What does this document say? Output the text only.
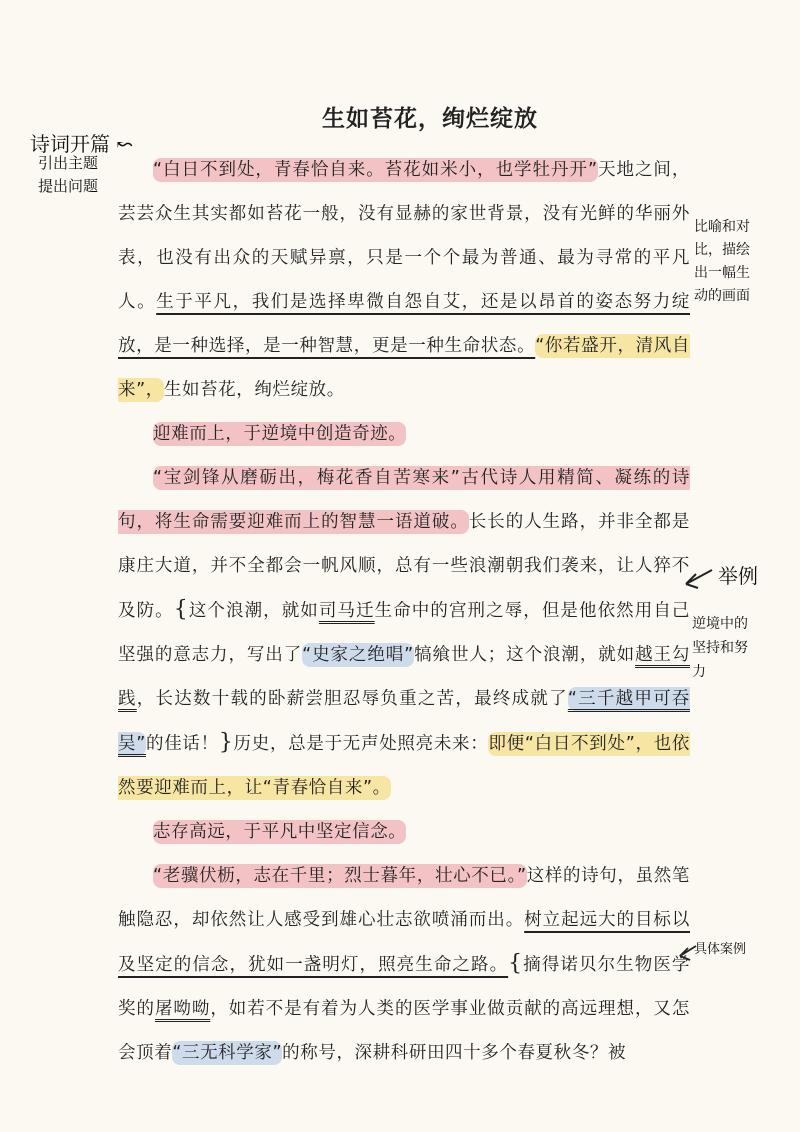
诗词开篇 ↜

生如苔花，绚烂绽放
引出主题
提出问题
比喻和对
比，描绘
出一幅生
动的画面
举例
逆境中的
坚持和努
力
具体案例

“白日不到处，青春恰自来。苔花如米小，也学牡丹开”天地之间，芸芸众生其实都如苔花一般，没有显赫的家世背景，没有光鲜的华丽外表，也没有出众的天赋异禀，只是一个个最为普通、最为寻常的平凡人。生于平凡，我们是选择卑微自怨自艾，还是以昂首的姿态努力绽放，是一种选择，是一种智慧，更是一种生命状态。“你若盛开，清风自来”，生如苔花，绚烂绽放。

迎难而上，于逆境中创造奇迹。

“宝剑锋从磨砺出，梅花香自苦寒来”古代诗人用精简、凝练的诗句，将生命需要迎难而上的智慧一语道破。长长的人生路，并非全都是康庄大道，并不全都会一帆风顺，总有一些浪潮朝我们袭来，让人猝不及防。{这个浪潮，就如司马迁生命中的宫刑之辱，但是他依然用自己坚强的意志力，写出了“史家之绝唱”犒飨世人；这个浪潮，就如越王勾践，长达数十载的卧薪尝胆忍辱负重之苦，最终成就了“三千越甲可吞吴”的佳话！}历史，总是于无声处照亮未来：即便“白日不到处”，也依然要迎难而上，让“青春恰自来”。

志存高远，于平凡中坚定信念。

“老骥伏枥，志在千里；烈士暮年，壮心不已。”这样的诗句，虽然笔触隐忍，却依然让人感受到雄心壮志欲喷涌而出。树立起远大的目标以及坚定的信念，犹如一盏明灯，照亮生命之路。{摘得诺贝尔生物医学奖的屠呦呦，如若不是有着为人类的医学事业做贡献的高远理想，又怎会顶着“三无科学家”的称号，深耕科研田四十多个春夏秋冬？被
